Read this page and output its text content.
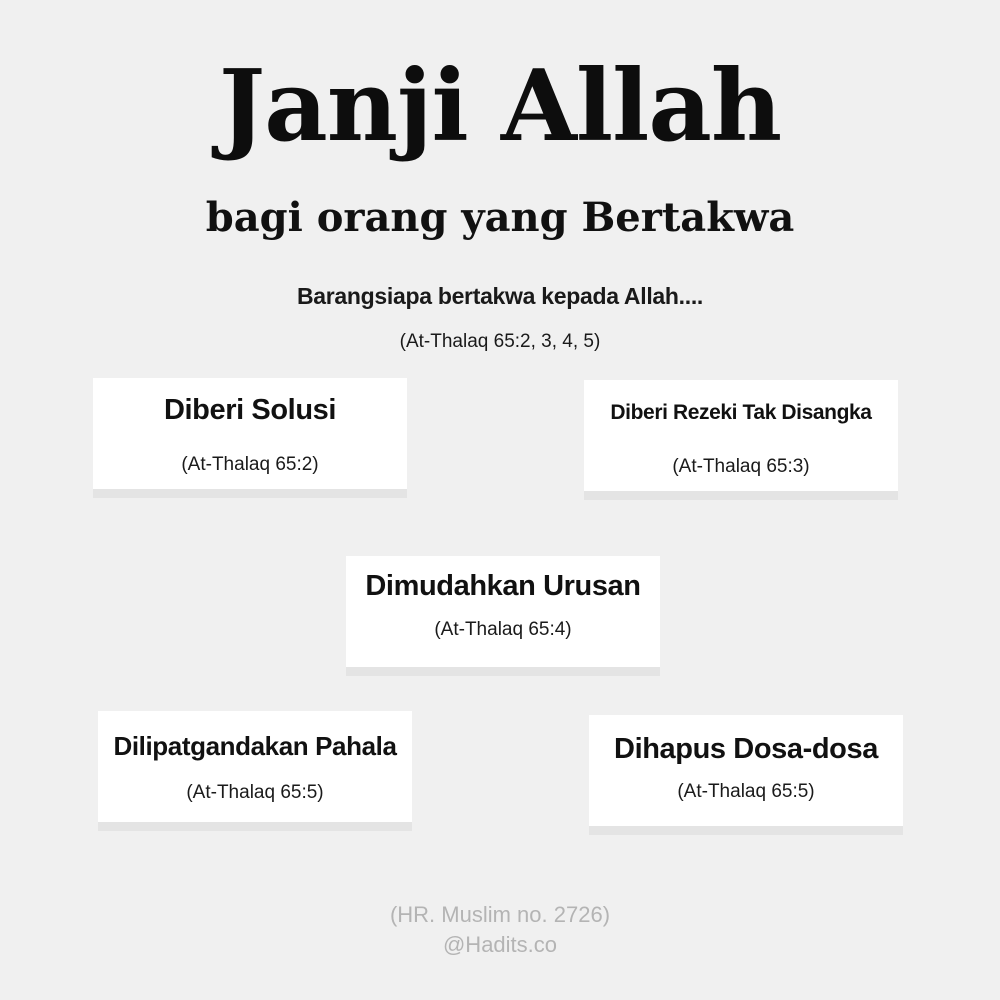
Janji Allah
bagi orang yang Bertakwa
Barangsiapa bertakwa kepada Allah....
(At-Thalaq 65:2, 3, 4, 5)
Diberi Solusi
(At-Thalaq 65:2)
Diberi Rezeki Tak Disangka
(At-Thalaq 65:3)
Dimudahkan Urusan
(At-Thalaq 65:4)
Dilipatgandakan Pahala
(At-Thalaq 65:5)
Dihapus Dosa-dosa
(At-Thalaq 65:5)
(HR. Muslim no. 2726)
@Hadits.co
